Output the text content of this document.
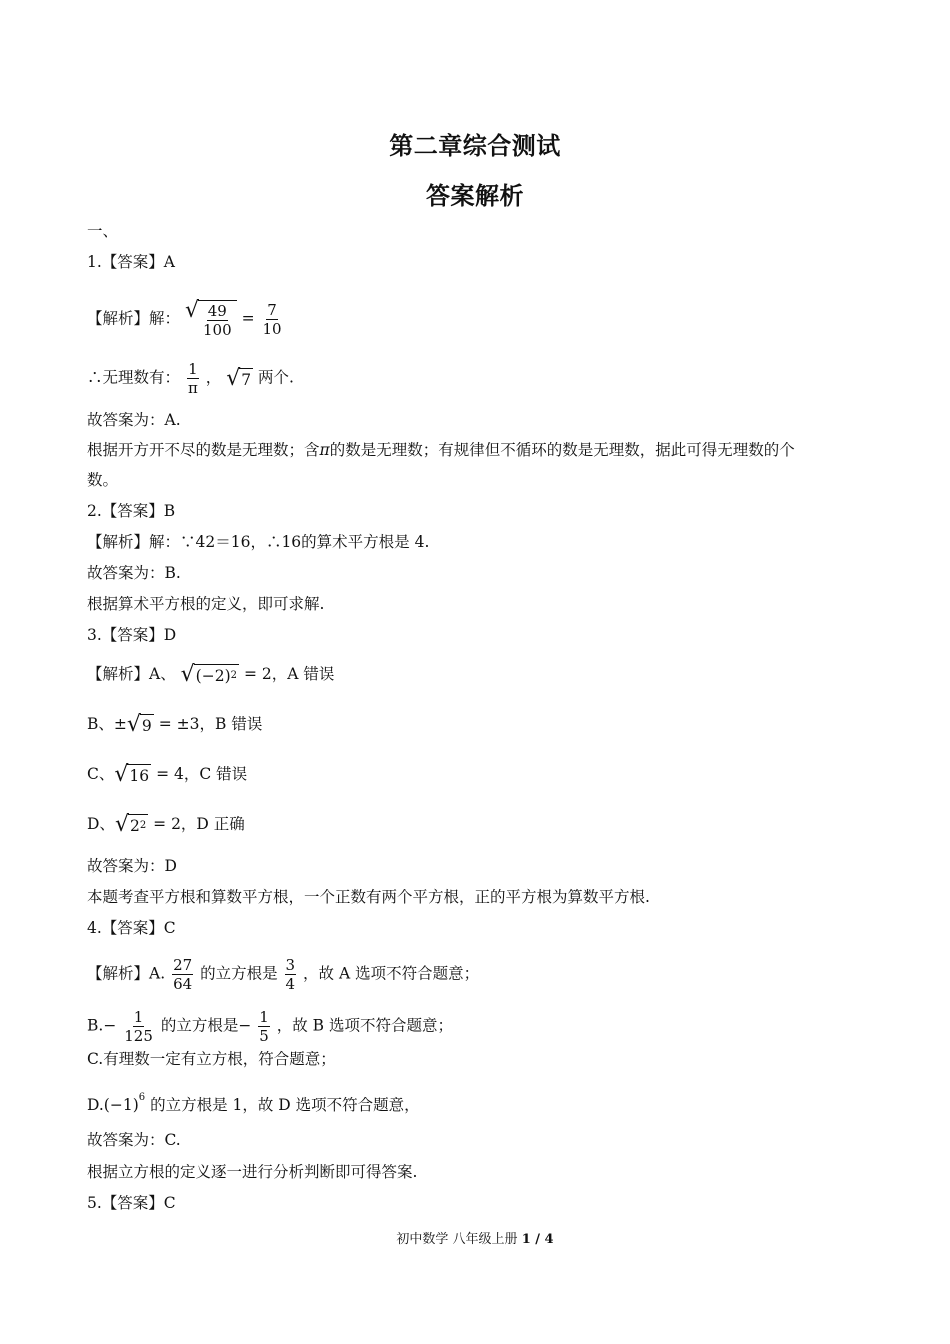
第二章综合测试
答案解析
一、
1.【答案】A
【解析】解： √ $\frac{49}{100} = \frac{7}{10}$
∴无理数有： $\frac{1}{\pi}$ ， √ 7 两个.
故答案为：A.
根据开方开不尽的数是无理数；含π的数是无理数；有规律但不循环的数是无理数，据此可得无理数的个
数。
2.【答案】B
【解析】解：∵42＝16，∴16的算术平方根是 4.
故答案为：B.
根据算术平方根的定义，即可求解.
3.【答案】D
【解析】A、 √ (−2) 2 = 2，A 错误
B、± √ 9 = ±3，B 错误
C、 √ 16 = 4，C 错误
D、 √ 2 2 = 2，D 正确
故答案为：D
本题考查平方根和算数平方根，一个正数有两个平方根，正的平方根为算数平方根.
4.【答案】C
【解析】A. $\frac{27}{64}$ 的立方根是 $\frac{3}{4}$ ，故 A 选项不符合题意；
$B.- \frac{1}{125}$ 的立方根是− $\frac{1}{5}$ ，故 B 选项不符合题意；
C.有理数一定有立方根，符合题意；
$D.(-1)^6$ 的立方根是 1，故 D 选项不符合题意，
故答案为：C.
根据立方根的定义逐一进行分析判断即可得答案.
5.【答案】C
初中数学 八年级上册 1 / 4
